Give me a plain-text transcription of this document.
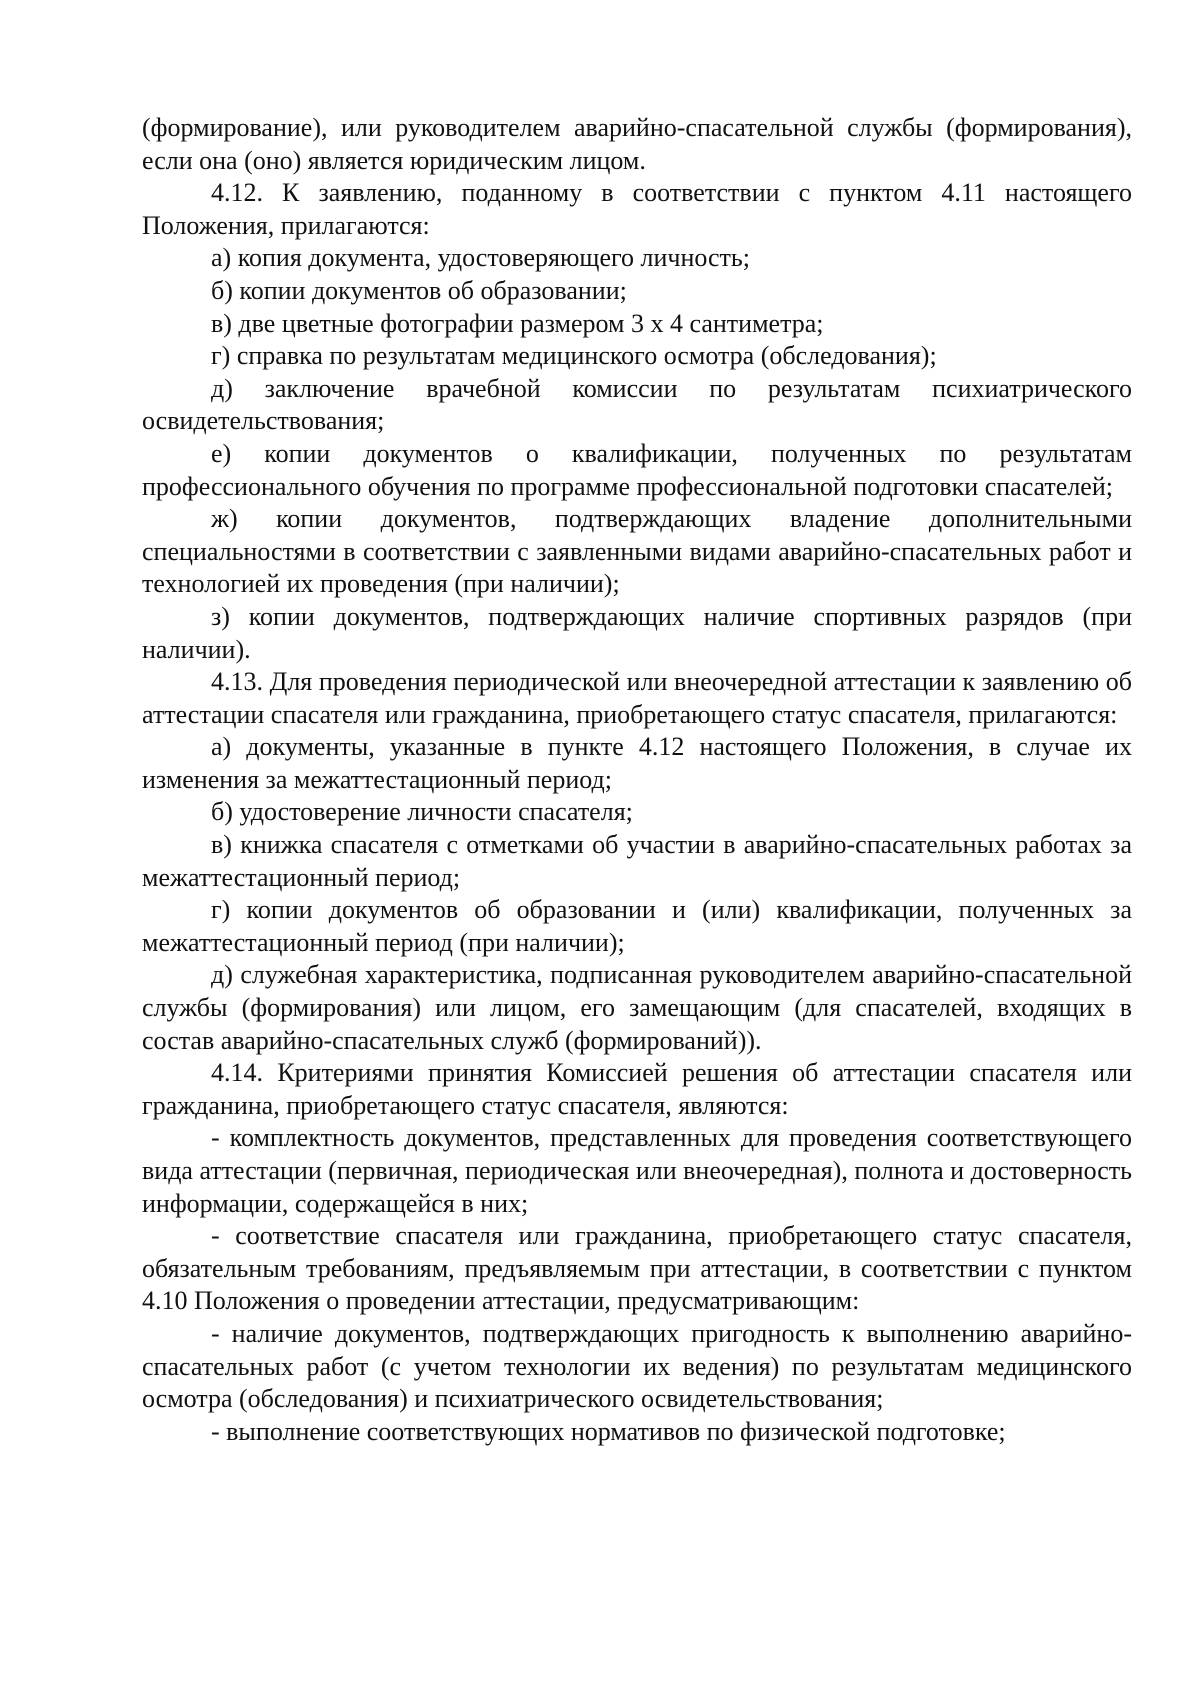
(формирование), или руководителем аварийно-спасательной службы (формирования), если она (оно) является юридическим лицом.

4.12. К заявлению, поданному в соответствии с пунктом 4.11 настоящего Положения, прилагаются:

а) копия документа, удостоверяющего личность;

б) копии документов об образовании;

в) две цветные фотографии размером 3 x 4 сантиметра;

г) справка по результатам медицинского осмотра (обследования);

д) заключение врачебной комиссии по результатам психиатрического освидетельствования;

е) копии документов о квалификации, полученных по результатам профессионального обучения по программе профессиональной подготовки спасателей;

ж) копии документов, подтверждающих владение дополнительными специальностями в соответствии с заявленными видами аварийно-спасательных работ и технологией их проведения (при наличии);

з) копии документов, подтверждающих наличие спортивных разрядов (при наличии).

4.13. Для проведения периодической или внеочередной аттестации к заявлению об аттестации спасателя или гражданина, приобретающего статус спасателя, прилагаются:

а) документы, указанные в пункте 4.12 настоящего Положения, в случае их изменения за межаттестационный период;

б) удостоверение личности спасателя;

в) книжка спасателя с отметками об участии в аварийно-спасательных работах за межаттестационный период;

г) копии документов об образовании и (или) квалификации, полученных за межаттестационный период (при наличии);

д) служебная характеристика, подписанная руководителем аварийно-спасательной службы (формирования) или лицом, его замещающим (для спасателей, входящих в состав аварийно-спасательных служб (формирований)).

4.14. Критериями принятия Комиссией решения об аттестации спасателя или гражданина, приобретающего статус спасателя, являются:

- комплектность документов, представленных для проведения соответствующего вида аттестации (первичная, периодическая или внеочередная), полнота и достоверность информации, содержащейся в них;

- соответствие спасателя или гражданина, приобретающего статус спасателя, обязательным требованиям, предъявляемым при аттестации, в соответствии с пунктом 4.10 Положения о проведении аттестации, предусматривающим:

- наличие документов, подтверждающих пригодность к выполнению аварийно-спасательных работ (с учетом технологии их ведения) по результатам медицинского осмотра (обследования) и психиатрического освидетельствования;

- выполнение соответствующих нормативов по физической подготовке;
